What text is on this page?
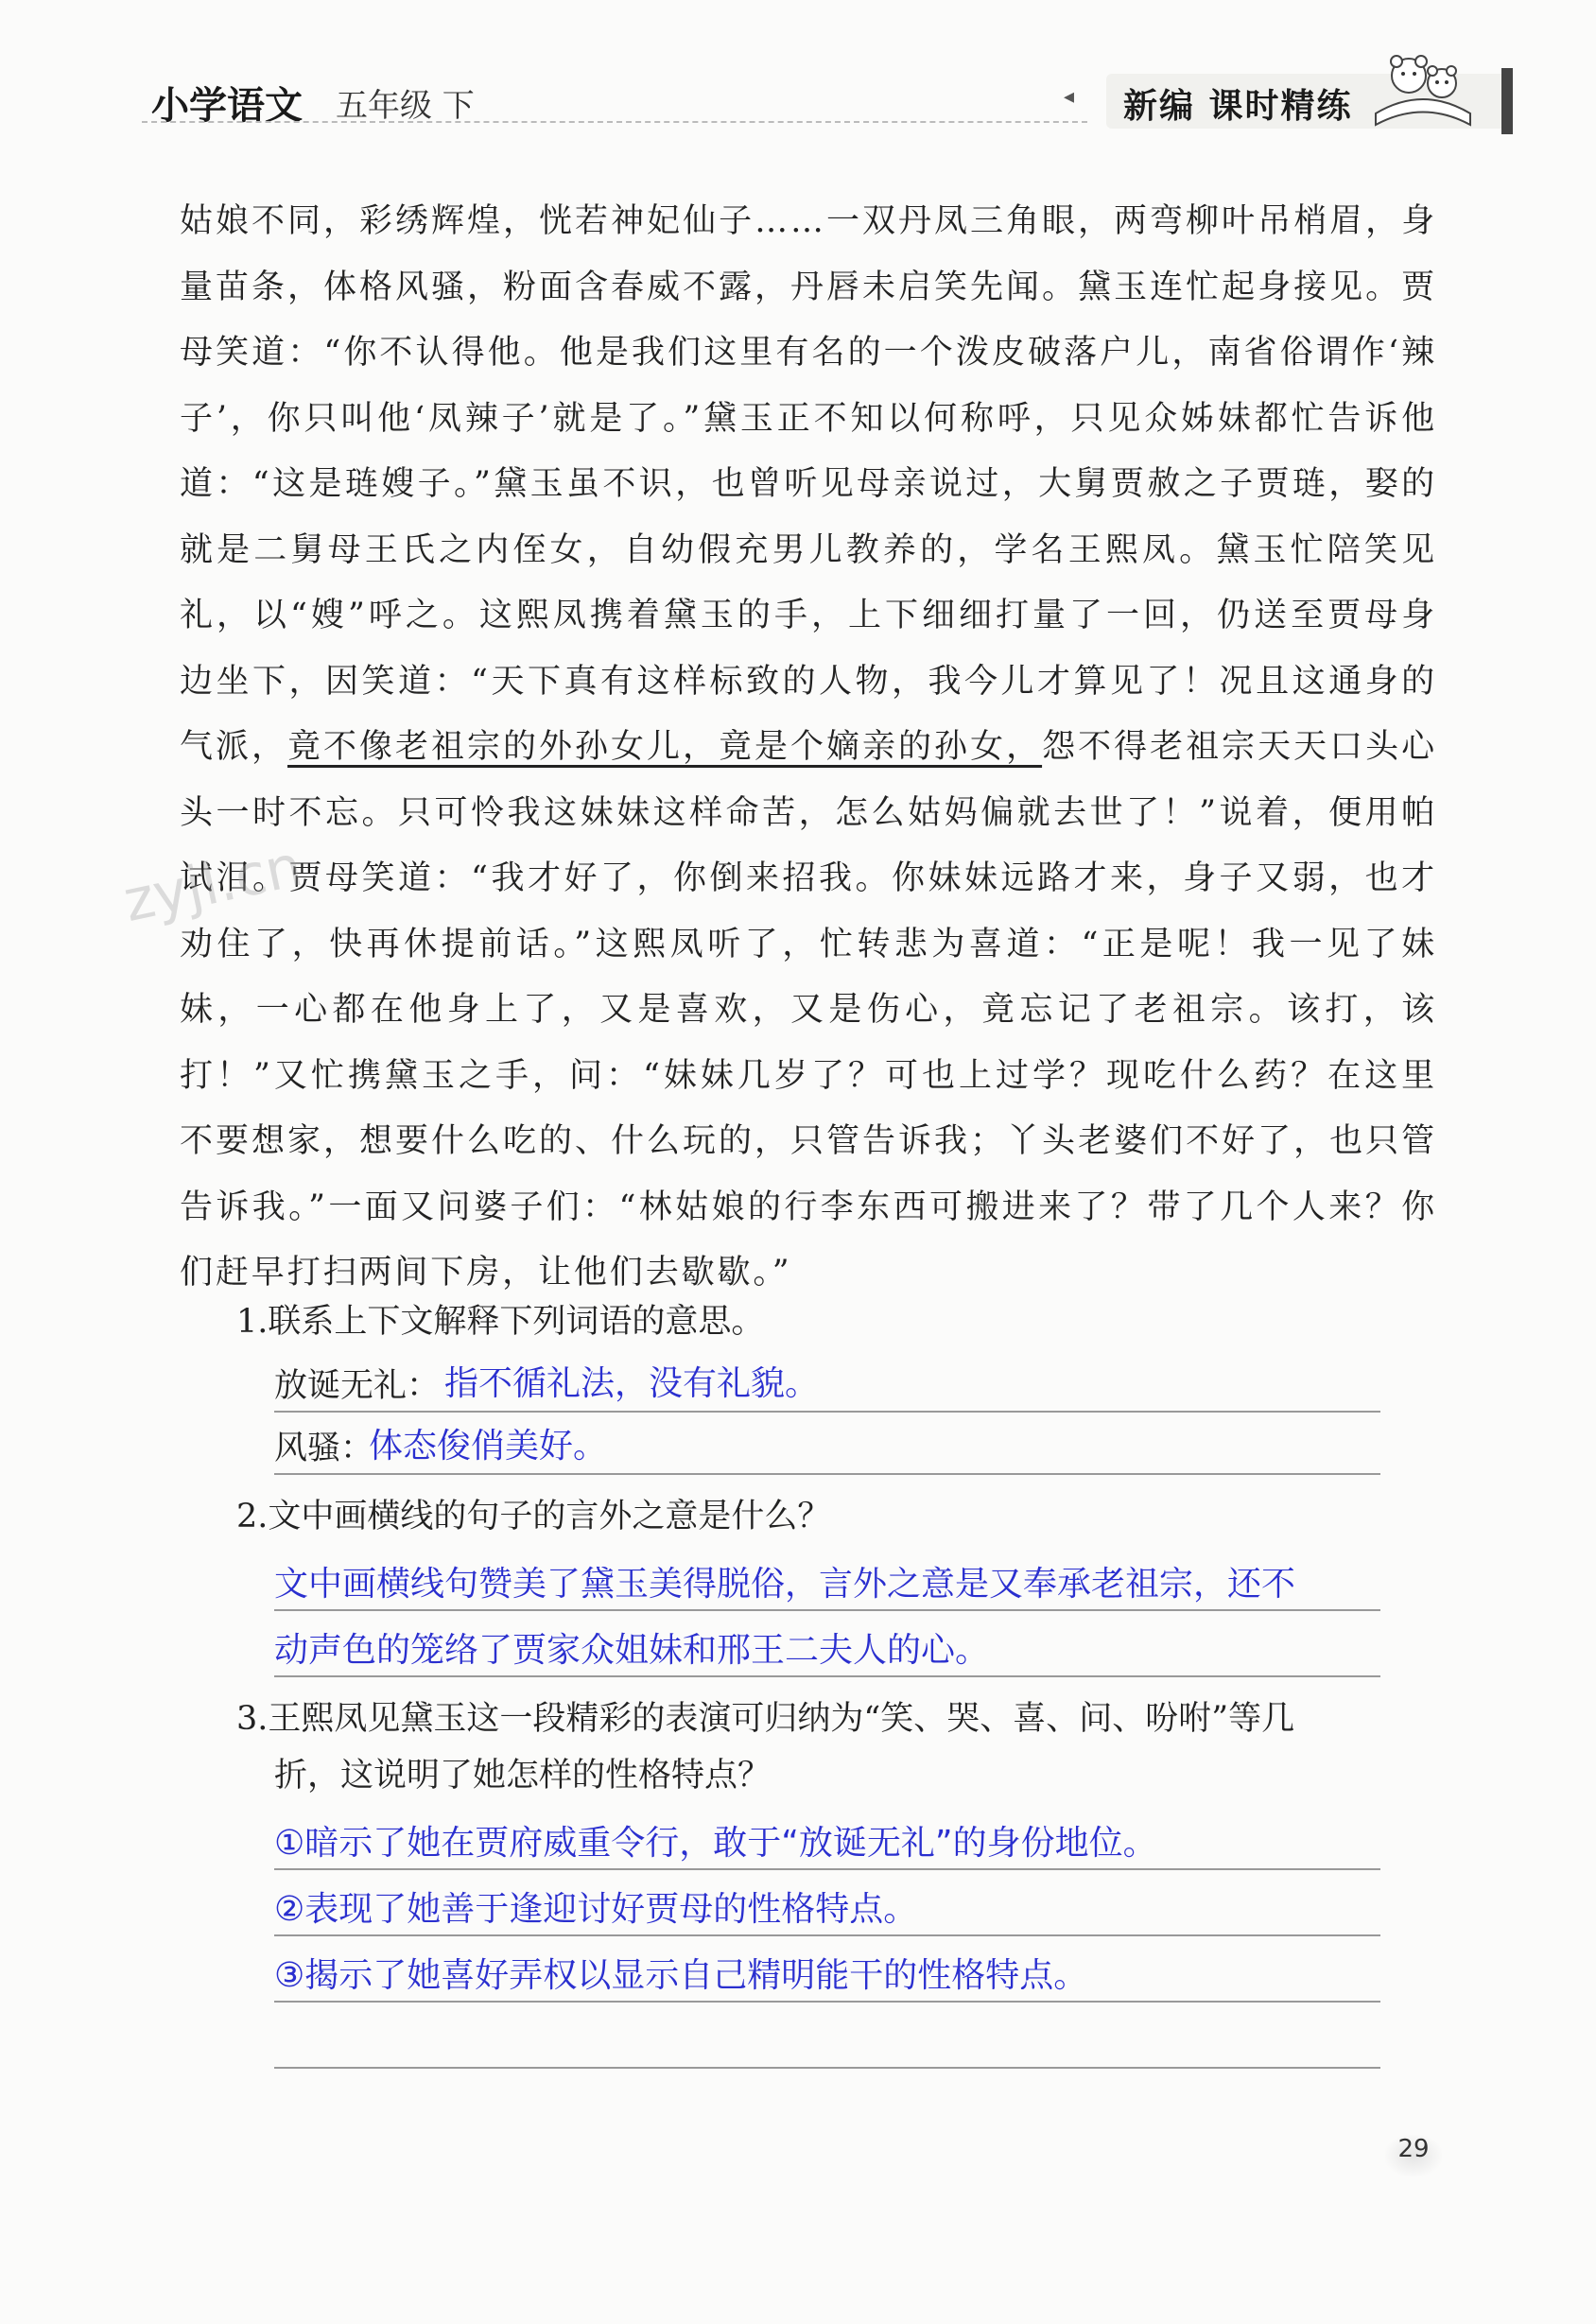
小学语文 五年级 下	◂ 新编 课时精练

姑娘不同，彩绣辉煌，恍若神妃仙子……一双丹凤三角眼，两弯柳叶吊梢眉，身量苗条，体格风骚，粉面含春威不露，丹唇未启笑先闻。黛玉连忙起身接见。贾母笑道：“你不认得他。他是我们这里有名的一个泼皮破落户儿，南省俗谓作‘辣子’，你只叫他‘凤辣子’就是了。”黛玉正不知以何称呼，只见众姊妹都忙告诉他道：“这是琏嫂子。”黛玉虽不识，也曾听见母亲说过，大舅贾赦之子贾琏，娶的就是二舅母王氏之内侄女，自幼假充男儿教养的，学名王熙凤。黛玉忙陪笑见礼，以“嫂”呼之。这熙凤携着黛玉的手，上下细细打量了一回，仍送至贾母身边坐下，因笑道：“天下真有这样标致的人物，我今儿才算见了！况且这通身的气派，竟不像老祖宗的外孙女儿，竟是个嫡亲的孙女，怨不得老祖宗天天口头心头一时不忘。只可怜我这妹妹这样命苦，怎么姑妈偏就去世了！”说着，便用帕试泪。贾母笑道：“我才好了，你倒来招我。你妹妹远路才来，身子又弱，也才劝住了，快再休提前话。”这熙凤听了，忙转悲为喜道：“正是呢！我一见了妹妹，一心都在他身上了，又是喜欢，又是伤心，竟忘记了老祖宗。该打，该打！”又忙携黛玉之手，问：“妹妹几岁了？可也上过学？现吃什么药？在这里不要想家，想要什么吃的、什么玩的，只管告诉我；丫头老婆们不好了，也只管告诉我。”一面又问婆子们：“林姑娘的行李东西可搬进来了？带了几个人来？你们赶早打扫两间下房，让他们去歇歇。”

zyjl.cn
1.联系上下文解释下列词语的意思。
放诞无礼： 指不循礼法，没有礼貌。
风骚：
体态俊俏美好。
2.文中画横线的句子的言外之意是什么？
文中画横线句赞美了黛玉美得脱俗，言外之意是又奉承老祖宗，还不
动声色的笼络了贾家众姐妹和邢王二夫人的心。
3.王熙凤见黛玉这一段精彩的表演可归纳为“笑、哭、喜、问、吩咐”等几
折，这说明了她怎样的性格特点？
①暗示了她在贾府威重令行，敢于“放诞无礼”的身份地位。
②表现了她善于逢迎讨好贾母的性格特点。
③揭示了她喜好弄权以显示自己精明能干的性格特点。
29
